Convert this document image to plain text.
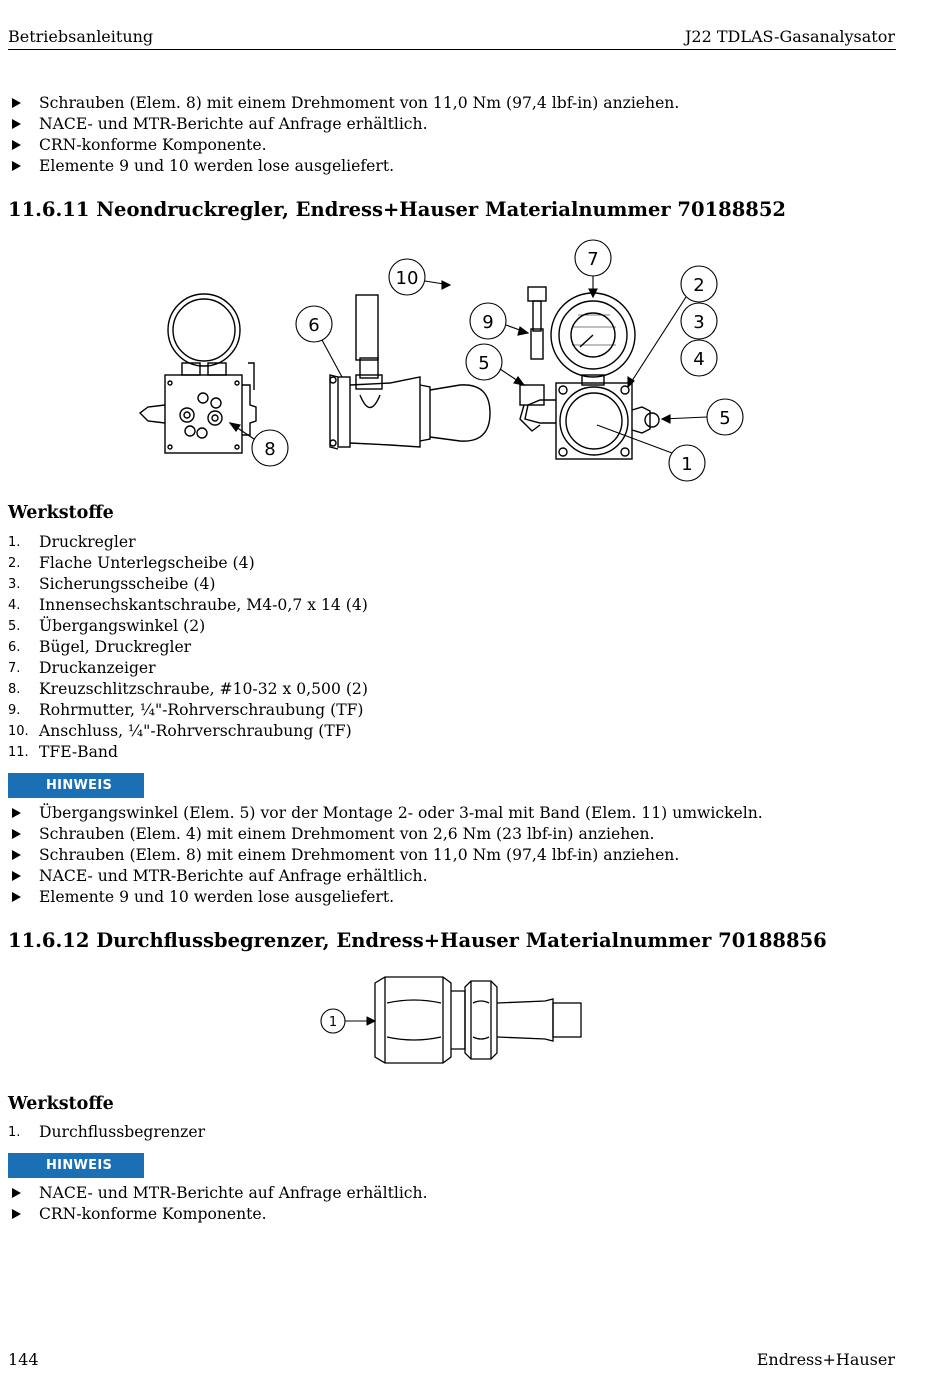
Betriebsanleitung	J22 TDLAS-Gasanalysator
Schrauben (Elem. 8) mit einem Drehmoment von 11,0 Nm (97,4 lbf-in) anziehen.
NACE- und MTR-Berichte auf Anfrage erhältlich.
CRN-konforme Komponente.
Elemente 9 und 10 werden lose ausgeliefert.
11.6.11 Neondruckregler, Endress+Hauser Materialnummer 70188852
10
6
7
9
5
2
3
4
5
1
8
Werkstoffe
1. Druckregler
2. Flache Unterlegscheibe (4)
3. Sicherungsscheibe (4)
4. Innensechskantschraube, M4-0,7 x 14 (4)
5. Übergangswinkel (2)
6. Bügel, Druckregler
7. Druckanzeiger
8. Kreuzschlitzschraube, #10-32 x 0,500 (2)
9. Rohrmutter, ¼"-Rohrverschraubung (TF)
10. Anschluss, ¼"-Rohrverschraubung (TF)
11. TFE-Band
HINWEIS
Übergangswinkel (Elem. 5) vor der Montage 2- oder 3-mal mit Band (Elem. 11) umwickeln.
Schrauben (Elem. 4) mit einem Drehmoment von 2,6 Nm (23 lbf-in) anziehen.
Schrauben (Elem. 8) mit einem Drehmoment von 11,0 Nm (97,4 lbf-in) anziehen.
NACE- und MTR-Berichte auf Anfrage erhältlich.
Elemente 9 und 10 werden lose ausgeliefert.
11.6.12 Durchflussbegrenzer, Endress+Hauser Materialnummer 70188856
1
Werkstoffe
1. Durchflussbegrenzer
HINWEIS
NACE- und MTR-Berichte auf Anfrage erhältlich.
CRN-konforme Komponente.
144	Endress+Hauser
